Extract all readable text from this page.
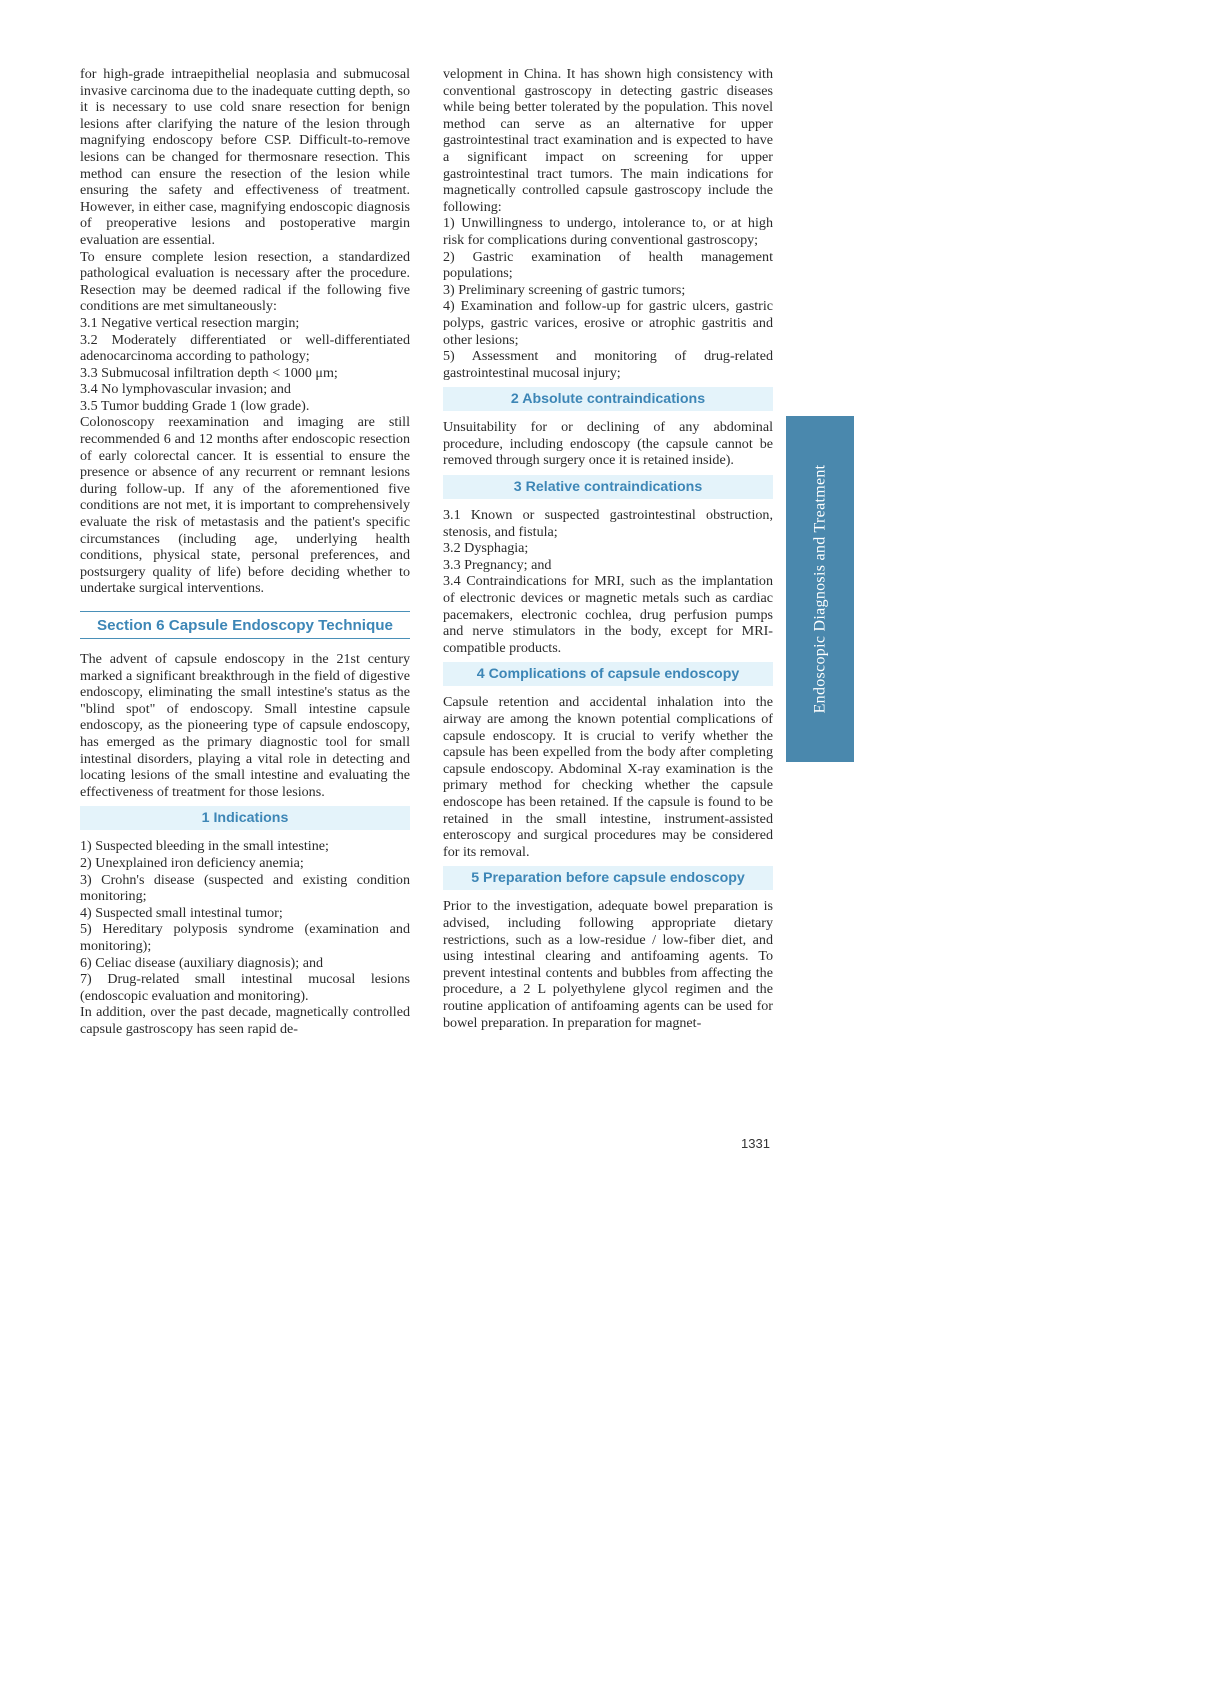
for high-grade intraepithelial neoplasia and submucosal invasive carcinoma due to the inadequate cutting depth, so it is necessary to use cold snare resection for benign lesions after clarifying the nature of the lesion through magnifying endoscopy before CSP. Difficult-to-remove lesions can be changed for thermosnare resection. This method can ensure the resection of the lesion while ensuring the safety and effectiveness of treatment. However, in either case, magnifying endoscopic diagnosis of preoperative lesions and postoperative margin evaluation are essential.

To ensure complete lesion resection, a standardized pathological evaluation is necessary after the procedure. Resection may be deemed radical if the following five conditions are met simultaneously:

3.1 Negative vertical resection margin;
3.2 Moderately differentiated or well-differentiated adenocarcinoma according to pathology;
3.3 Submucosal infiltration depth < 1000 μm;
3.4 No lymphovascular invasion; and
3.5 Tumor budding Grade 1 (low grade).

Colonoscopy reexamination and imaging are still recommended 6 and 12 months after endoscopic resection of early colorectal cancer. It is essential to ensure the presence or absence of any recurrent or remnant lesions during follow-up. If any of the aforementioned five conditions are not met, it is important to comprehensively evaluate the risk of metastasis and the patient's specific circumstances (including age, underlying health conditions, physical state, personal preferences, and postsurgery quality of life) before deciding whether to undertake surgical interventions.

Section 6 Capsule Endoscopy Technique

The advent of capsule endoscopy in the 21st century marked a significant breakthrough in the field of digestive endoscopy, eliminating the small intestine's status as the "blind spot" of endoscopy. Small intestine capsule endoscopy, as the pioneering type of capsule endoscopy, has emerged as the primary diagnostic tool for small intestinal disorders, playing a vital role in detecting and locating lesions of the small intestine and evaluating the effectiveness of treatment for those lesions.

1 Indications
1) Suspected bleeding in the small intestine;
2) Unexplained iron deficiency anemia;
3) Crohn's disease (suspected and existing condition monitoring;
4) Suspected small intestinal tumor;
5) Hereditary polyposis syndrome (examination and monitoring);
6) Celiac disease (auxiliary diagnosis); and
7) Drug-related small intestinal mucosal lesions (endoscopic evaluation and monitoring).

In addition, over the past decade, magnetically controlled capsule gastroscopy has seen rapid de-

velopment in China. It has shown high consistency with conventional gastroscopy in detecting gastric diseases while being better tolerated by the population. This novel method can serve as an alternative for upper gastrointestinal tract examination and is expected to have a significant impact on screening for upper gastrointestinal tract tumors. The main indications for magnetically controlled capsule gastroscopy include the following:

1) Unwillingness to undergo, intolerance to, or at high risk for complications during conventional gastroscopy;
2) Gastric examination of health management populations;
3) Preliminary screening of gastric tumors;
4) Examination and follow-up for gastric ulcers, gastric polyps, gastric varices, erosive or atrophic gastritis and other lesions;
5) Assessment and monitoring of drug-related gastrointestinal mucosal injury;
2 Absolute contraindications

Unsuitability for or declining of any abdominal procedure, including endoscopy (the capsule cannot be removed through surgery once it is retained inside).

3 Relative contraindications
3.1 Known or suspected gastrointestinal obstruction, stenosis, and fistula;
3.2 Dysphagia;
3.3 Pregnancy; and
3.4 Contraindications for MRI, such as the implantation of electronic devices or magnetic metals such as cardiac pacemakers, electronic cochlea, drug perfusion pumps and nerve stimulators in the body, except for MRI-compatible products.
4 Complications of capsule endoscopy

Capsule retention and accidental inhalation into the airway are among the known potential complications of capsule endoscopy. It is crucial to verify whether the capsule has been expelled from the body after completing capsule endoscopy. Abdominal X-ray examination is the primary method for checking whether the capsule endoscope has been retained. If the capsule is found to be retained in the small intestine, instrument-assisted enteroscopy and surgical procedures may be considered for its removal.

5 Preparation before capsule endoscopy

Prior to the investigation, adequate bowel preparation is advised, including following appropriate dietary restrictions, such as a low-residue / low-fiber diet, and using intestinal clearing and antifoaming agents. To prevent intestinal contents and bubbles from affecting the procedure, a 2 L polyethylene glycol regimen and the routine application of antifoaming agents can be used for bowel preparation. In preparation for magnet-

Endoscopic Diagnosis and Treatment
1331
